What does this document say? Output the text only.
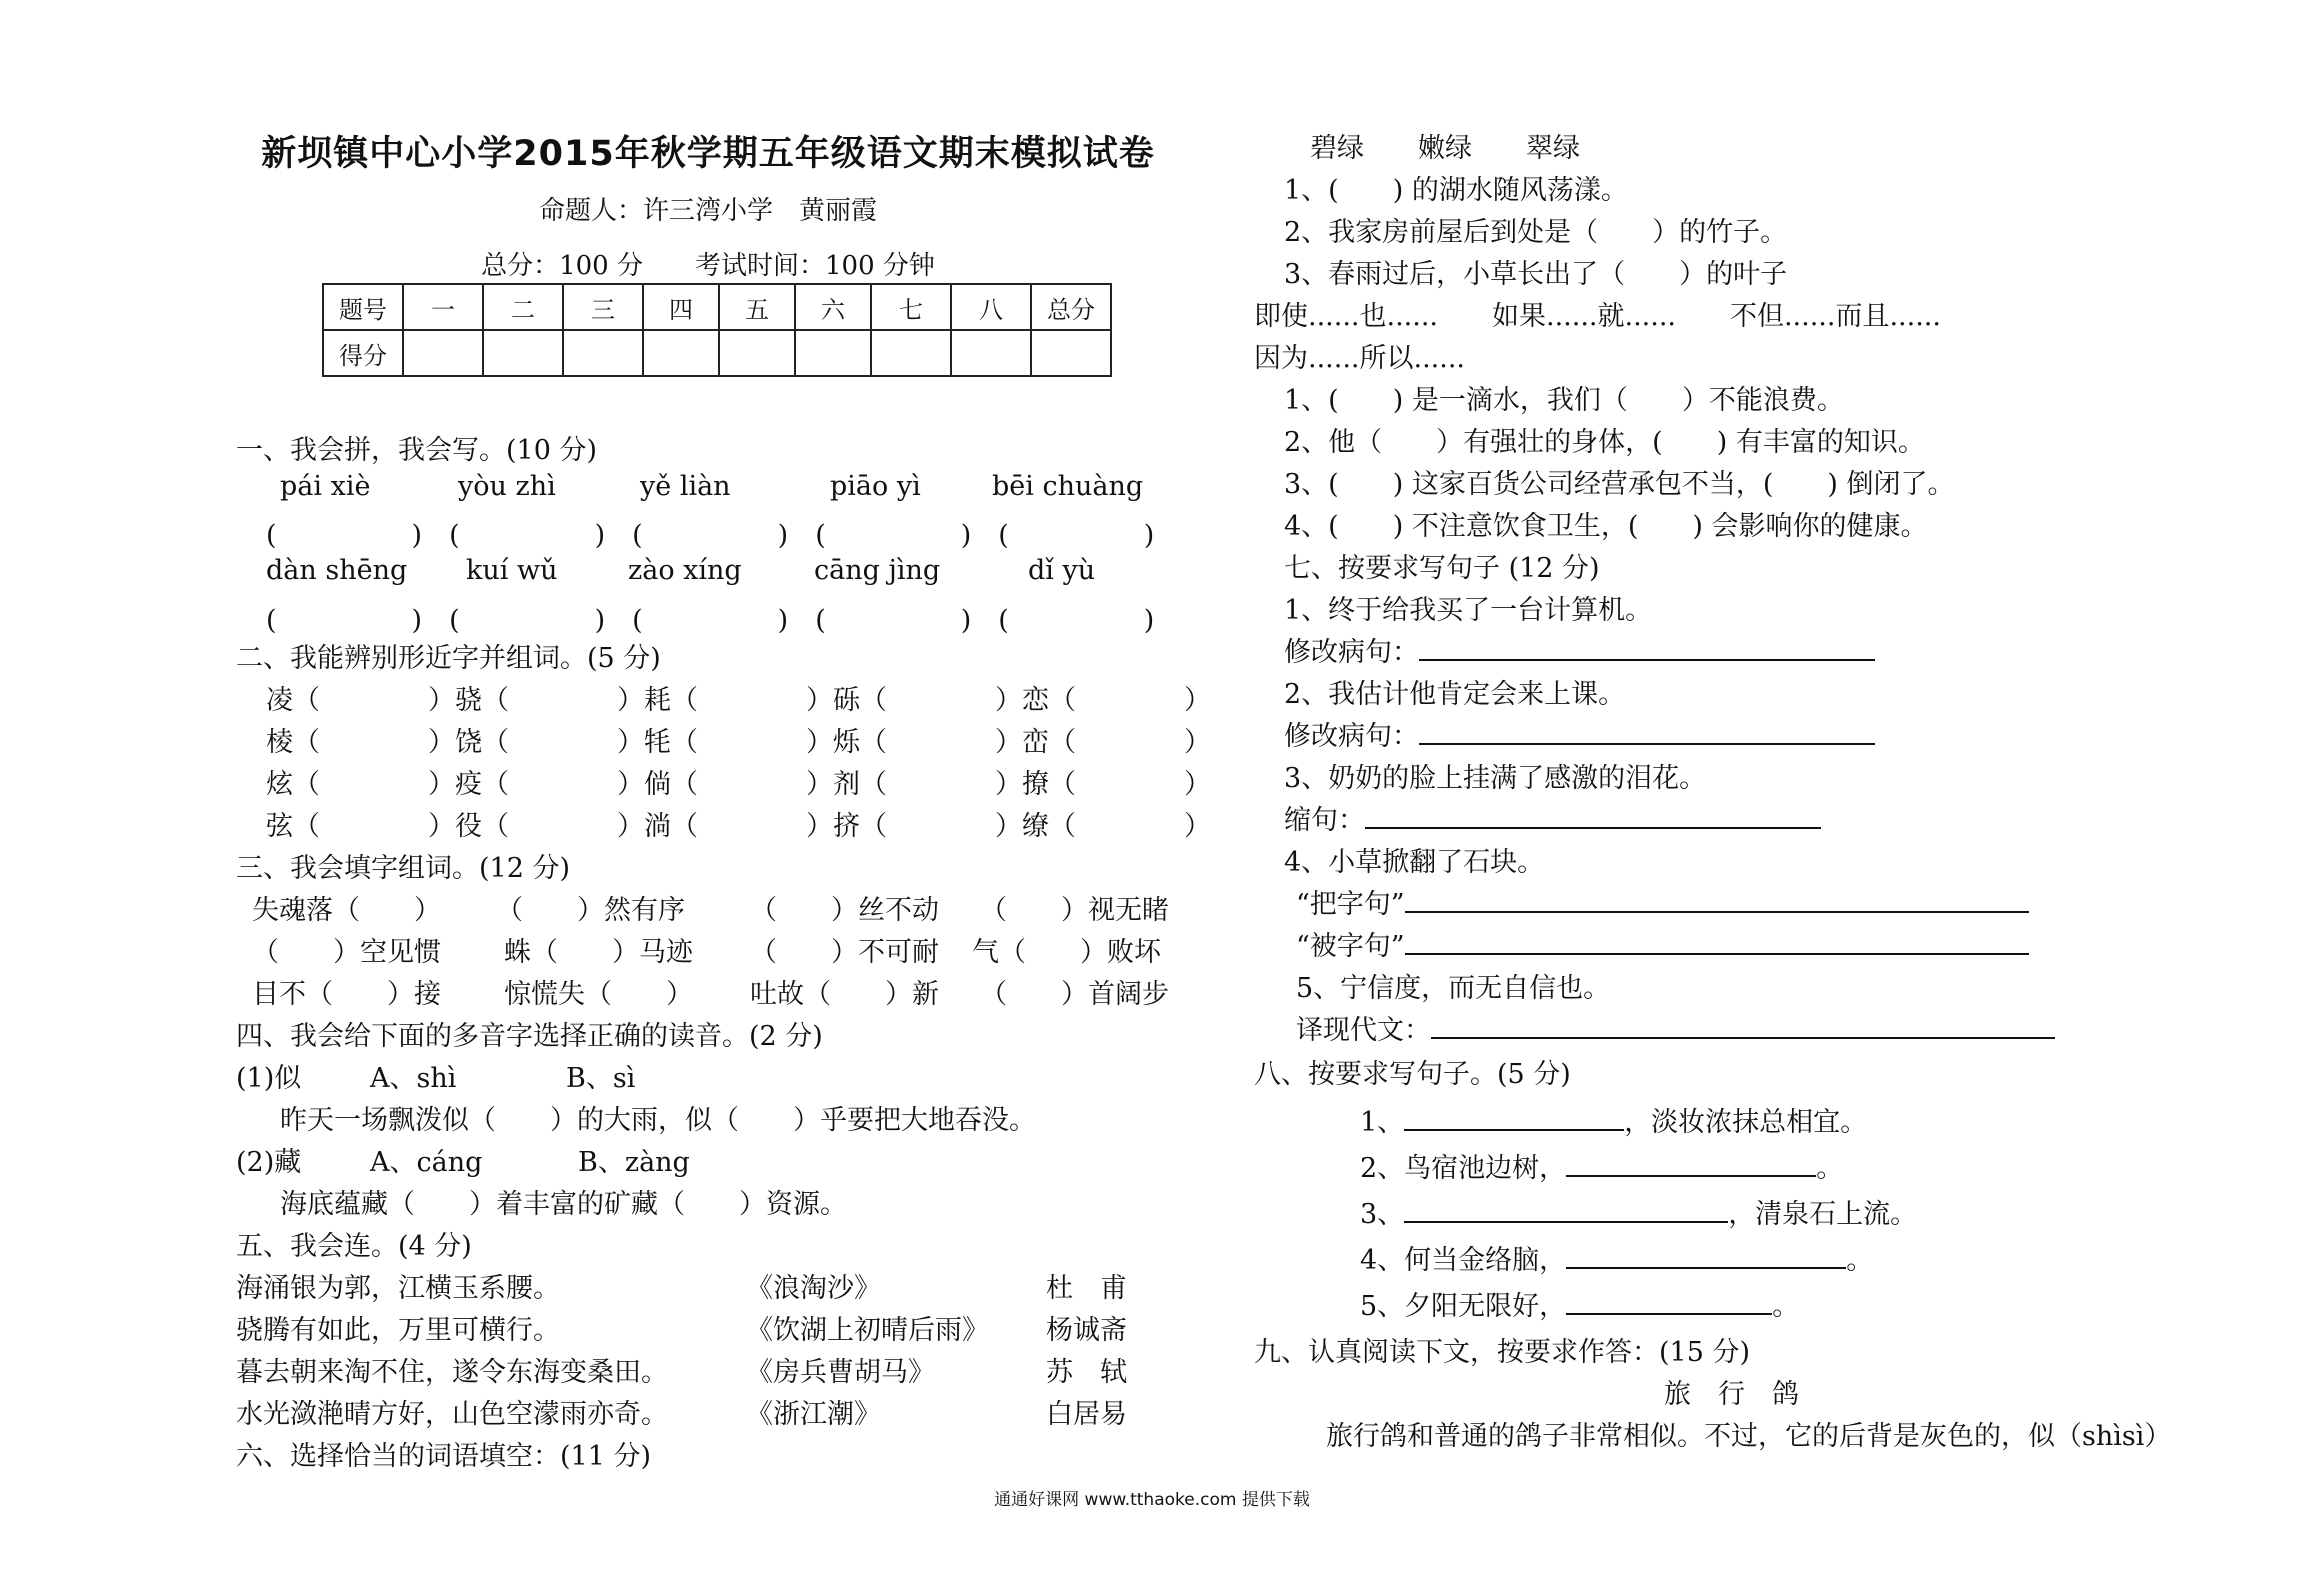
新坝镇中心小学2015年秋学期五年级语文期末模拟试卷
命题人：许三湾小学　黄丽霞
总分：100 分　　考试时间：100 分钟
题号	一	二	三	四	五	六	七	八	总分
得分									
一、我会拼，我会写。(10 分)
pái xiè	yòu zhì	yě liàn	piāo yì	bēi chuàng
(　　　　　)　(　　　　　)　(　　　　　)　(　　　　　)　(　　　　　)
dàn shēng kuí wǔ	zào xíng	cāng jìng	dǐ yù
(　　　　　)　(　　　　　)　(　　　　　)　(　　　　　)　(　　　　　)
二、我能辨别形近字并组词。(5 分)
凌（　　　　）骁（　　　　）耗（　　　　）砾（　　　　）恋（　　　　）
棱（　　　　）饶（　　　　）牦（　　　　）烁（　　　　）峦（　　　　）
炫（　　　　）疫（　　　　）倘（　　　　）剂（　　　　）撩（　　　　）
弦（　　　　）役（　　　　）淌（　　　　）挤（　　　　）缭（　　　　）
三、我会填字组词。(12 分)
失魂落（　　） （　　）然有序 （　　）丝不动 （　　）视无睹
（　　）空见惯 蛛（　　）马迹 （　　）不可耐 气（　　）败坏
目不（　　）接 惊慌失（　　） 吐故（　　）新 （　　）首阔步
四、我会给下面的多音字选择正确的读音。(2 分)
(1)似	A、shì	B、sì
昨天一场飘泼似（　　）的大雨，似（　　）乎要把大地吞没。
(2)藏	A、cáng	B、zàng
海底蕴藏（　　）着丰富的矿藏（　　）资源。
五、我会连。(4 分)
海涌银为郭，江横玉系腰。	《浪淘沙》	杜　甫
骁腾有如此，万里可横行。	《饮湖上初晴后雨》 杨诚斋
暮去朝来淘不住，遂令东海变桑田。	《房兵曹胡马》	苏　轼
水光潋滟晴方好，山色空濛雨亦奇。	《浙江潮》	白居易
六、选择恰当的词语填空：(11 分)
碧绿　　嫩绿　　翠绿
1、(　　) 的湖水随风荡漾。
2、我家房前屋后到处是（　　）的竹子。
3、春雨过后，小草长出了（　　）的叶子
即使......也......　　如果......就......　　不但......而且......
因为......所以......
1、(　　) 是一滴水，我们（　　）不能浪费。
2、他（　　）有强壮的身体，(　　) 有丰富的知识。
3、(　　) 这家百货公司经营承包不当，(　　) 倒闭了。
4、(　　) 不注意饮食卫生，(　　) 会影响你的健康。
七、按要求写句子 (12 分)
1、终于给我买了一台计算机。
修改病句：
2、我估计他肯定会来上课。
修改病句：
3、奶奶的脸上挂满了感激的泪花。
缩句：
4、小草掀翻了石块。
“把字句”
“被字句”
5、宁信度，而无自信也。
译现代文：
八、按要求写句子。(5 分)
1、	，淡妆浓抹总相宜。
2、鸟宿池边树，	。
3、	，清泉石上流。
4、何当金络脑，	。
5、夕阳无限好，	。
九、认真阅读下文，按要求作答：(15 分)
旅　行　鸽
旅行鸽和普通的鸽子非常相似。不过，它的后背是灰色的，似（shìsì）
通通好课网 www.tthaoke.com 提供下载
